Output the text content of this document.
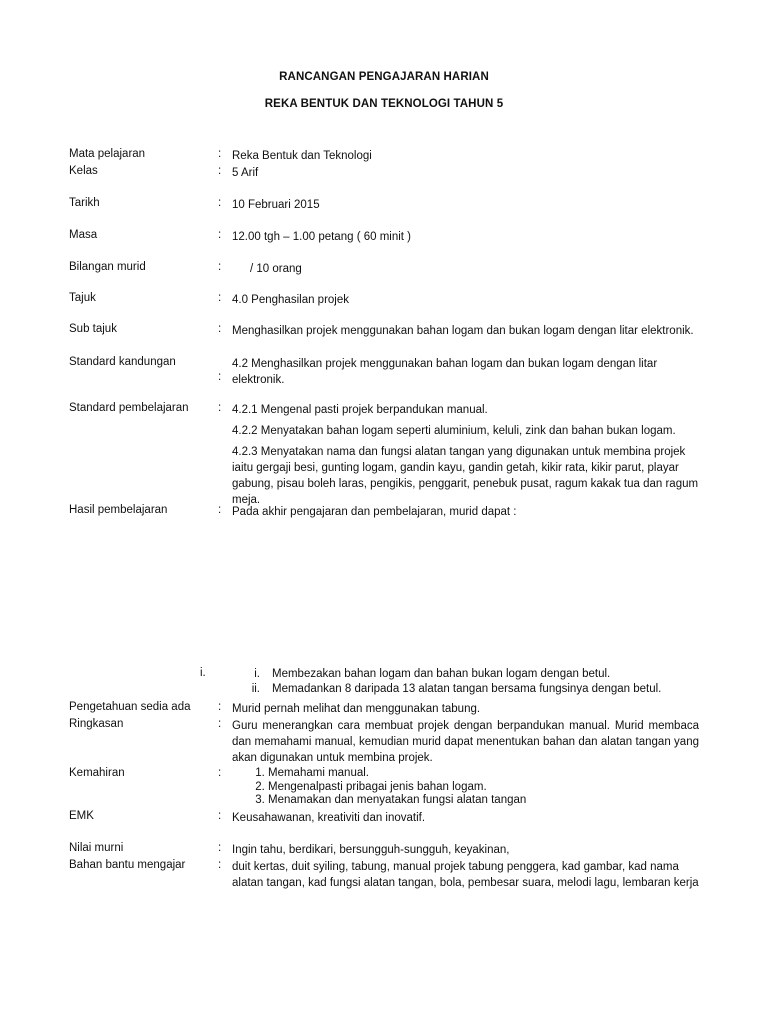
RANCANGAN PENGAJARAN HARIAN
REKA BENTUK DAN TEKNOLOGI TAHUN 5
Mata pelajaran	: Reka Bentuk dan Teknologi
Kelas	: 5 Arif
Tarikh	: 10 Februari 2015
Masa	: 12.00 tgh – 1.00 petang ( 60 minit )
Bilangan murid	:	/ 10 orang
Tajuk	: 4.0 Penghasilan projek
Sub tajuk	: Menghasilkan projek menggunakan bahan logam dan bukan logam dengan litar elektronik.
Standard kandungan
:
4.2 Menghasilkan projek menggunakan bahan logam dan bukan logam dengan litar elektronik.
Standard pembelajaran	: 4.2.1 Mengenal pasti projek berpandukan manual.
4.2.2 Menyatakan bahan logam seperti aluminium, keluli, zink dan bahan bukan logam.
4.2.3 Menyatakan nama dan fungsi alatan tangan yang digunakan untuk membina projek iaitu gergaji besi, gunting logam, gandin kayu, gandin getah, kikir rata, kikir parut, playar gabung, pisau boleh laras, pengikis, penggarit, penebuk pusat, ragum kakak tua dan ragum meja.
Hasil pembelajaran	: Pada akhir pengajaran dan pembelajaran, murid dapat :
i.	i. Membezakan bahan logam dan bahan bukan logam dengan betul.
ii. Memadankan 8 daripada 13 alatan tangan bersama fungsinya dengan betul.
Pengetahuan sedia ada : Murid pernah melihat dan menggunakan tabung.
Ringkasan	: Guru menerangkan cara membuat projek dengan berpandukan manual. Murid membaca dan memahami manual, kemudian murid dapat menentukan bahan dan alatan tangan yang akan digunakan untuk membina projek.
Kemahiran	:
1.	Memahami manual.
2. Mengenalpasti pribagai jenis bahan logam.
3. Menamakan dan menyatakan fungsi alatan tangan
EMK	: Keusahawanan, kreativiti dan inovatif.
Nilai murni	: Ingin tahu, berdikari, bersungguh-sungguh, keyakinan,
Bahan bantu mengajar	: duit kertas, duit syiling, tabung, manual projek tabung penggera, kad gambar, kad nama alatan tangan, kad fungsi alatan tangan, bola, pembesar suara, melodi lagu, lembaran kerja
